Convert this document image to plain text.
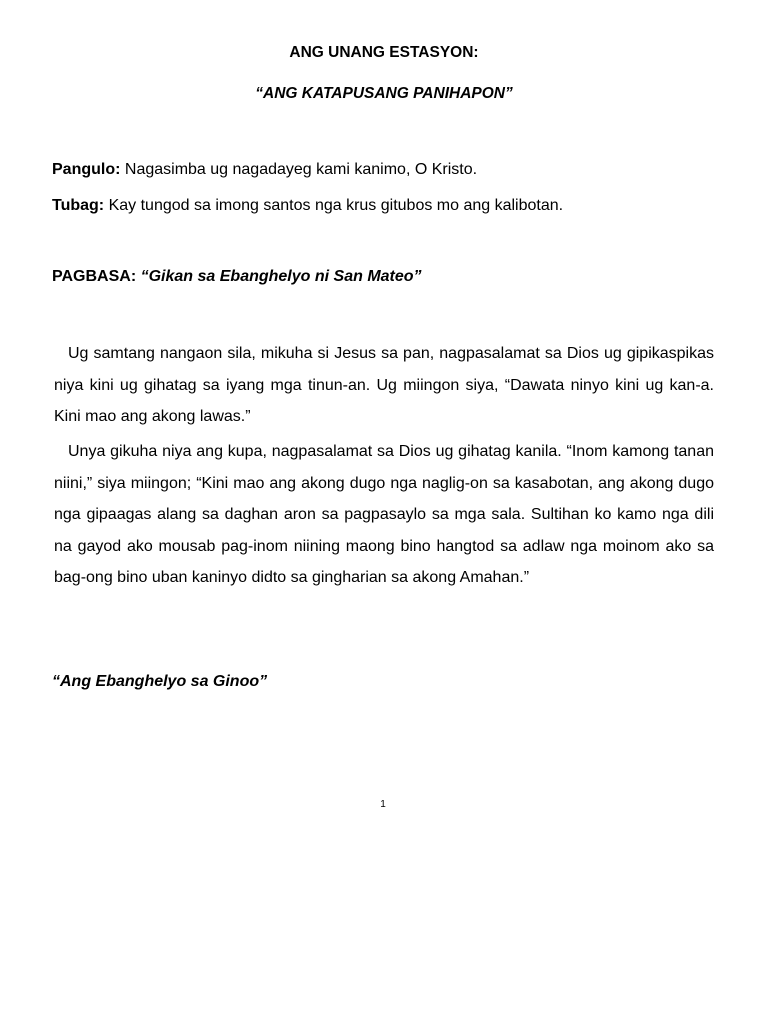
ANG UNANG ESTASYON:
“ANG KATAPUSANG PANIHAPON”
Pangulo: Nagasimba ug nagadayeg kami kanimo, O Kristo.
Tubag: Kay tungod sa imong santos nga krus gitubos mo ang kalibotan.
PAGBASA: “Gikan sa Ebanghelyo ni San Mateo”

Ug samtang nangaon sila, mikuha si Jesus sa pan, nagpasalamat sa Dios ug gipikaspikas niya kini ug gihatag sa iyang mga tinun-an. Ug miingon siya, “Dawata ninyo kini ug kan-a. Kini mao ang akong lawas.”

Unya gikuha niya ang kupa, nagpasalamat sa Dios ug gihatag kanila. “Inom kamong tanan niini,” siya miingon; “Kini mao ang akong dugo nga naglig-on sa kasabotan, ang akong dugo nga gipaagas alang sa daghan aron sa pagpasaylo sa mga sala. Sultihan ko kamo nga dili na gayod ako mousab pag-inom niining maong bino hangtod sa adlaw nga moinom ako sa bag-ong bino uban kaninyo didto sa gingharian sa akong Amahan.”

“Ang Ebanghelyo sa Ginoo”
1
